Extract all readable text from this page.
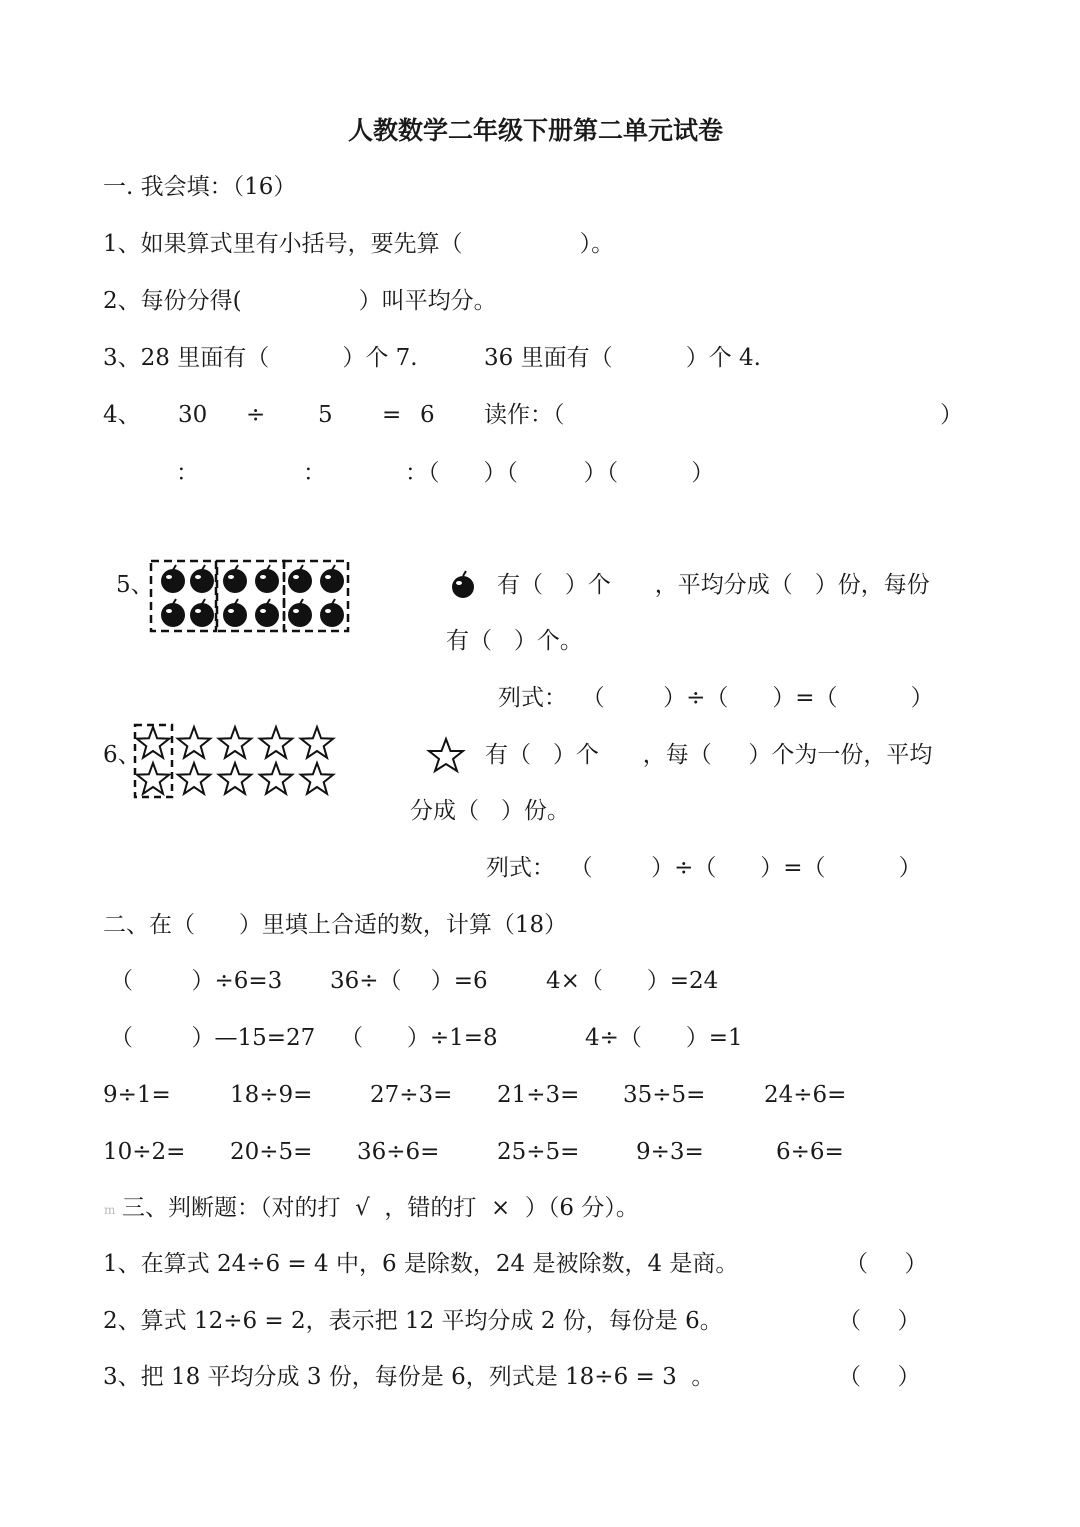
人教数学二年级下册第二单元试卷
一. 我会填：（16）
1、如果算式里有小括号，要先算（                ）。
2、每份分得(                ）叫平均分。
3、28 里面有（          ）个 7.	36 里面有（          ）个 4.
4、 30 ÷ 5 = 6 读作：（	）
：	：	：（      ）（         ）（          ）
5、	有（   ）个      ，平均分成（   ）份，每份
有（   ）个。
列式：  （        ）÷（      ）=（          ）
6、	有（   ）个      ，每（     ）个为一份，平均
分成（   ）份。
列式：  （        ）÷（      ）=（          ）
二、在（      ）里填上合适的数，计算（18）
（        ）÷6=3 36÷（    ）=6	4×（      ）=24
（        ）—15=27 （      ）÷1=8	4÷（      ）=1
9÷1=	18÷9=	27÷3= 21÷3= 35÷5=	24÷6=
10÷2= 20÷5= 36÷6=	25÷5= 9÷3=	6÷6=
m 三、判断题：（对的打  √  ，错的打  ×  ）（6 分）。
1、在算式 24÷6 = 4 中，6 是除数，24 是被除数，4 是商。	（     ）
2、算式 12÷6 = 2，表示把 12 平均分成 2 份，每份是 6。	（     ）
3、把 18 平均分成 3 份，每份是 6，列式是 18÷6 = 3  。	（     ）
